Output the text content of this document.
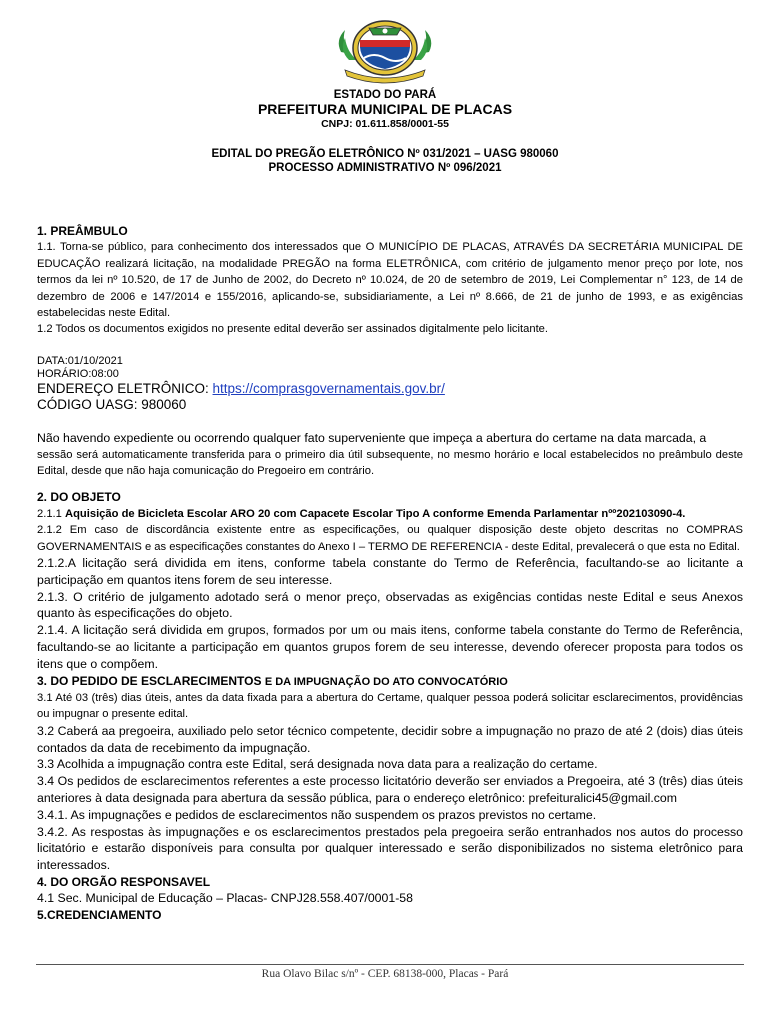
ESTADO DO PARÁ
PREFEITURA MUNICIPAL DE PLACAS
CNPJ: 01.611.858/0001-55
EDITAL DO PREGÃO ELETRÔNICO Nº 031/2021 – UASG 980060
PROCESSO ADMINISTRATIVO Nº 096/2021

1. PREÂMBULO

1.1. Torna-se público, para conhecimento dos interessados que O MUNICÍPIO DE PLACAS, ATRAVÉS DA SECRETÁRIA MUNICIPAL DE EDUCAÇÃO realizará licitação, na modalidade PREGÃO na forma ELETRÔNICA, com critério de julgamento menor preço por lote, nos termos da lei nº 10.520, de 17 de Junho de 2002, do Decreto nº 10.024, de 20 de setembro de 2019, Lei Complementar n° 123, de 14 de dezembro de 2006 e 147/2014 e 155/2016, aplicando-se, subsidiariamente, a Lei nº 8.666, de 21 de junho de 1993, e as exigências estabelecidas neste Edital.

1.2 Todos os documentos exigidos no presente edital deverão ser assinados digitalmente pelo licitante.

DATA:01/10/2021

HORÁRIO:08:00

ENDEREÇO ELETRÔNICO: https://comprasgovernamentais.gov.br/

CÓDIGO UASG: 980060

Não havendo expediente ou ocorrendo qualquer fato superveniente que impeça a abertura do certame na data marcada, a

sessão será automaticamente transferida para o primeiro dia útil subsequente, no mesmo horário e local estabelecidos no preâmbulo deste Edital, desde que não haja comunicação do Pregoeiro em contrário.

2. DO OBJETO

2.1.1 Aquisição de Bicicleta Escolar ARO 20 com Capacete Escolar Tipo A conforme Emenda Parlamentar nºº202103090-4.

2.1.2 Em caso de discordância existente entre as especificações, ou qualquer disposição deste objeto descritas no COMPRAS GOVERNAMENTAIS e as especificações constantes do Anexo I – TERMO DE REFERENCIA - deste Edital, prevalecerá o que esta no Edital.

2.1.2.A licitação será dividida em itens, conforme tabela constante do Termo de Referência, facultando-se ao licitante a participação em quantos itens forem de seu interesse.

2.1.3. O critério de julgamento adotado será o menor preço, observadas as exigências contidas neste Edital e seus Anexos quanto às especificações do objeto.

2.1.4. A licitação será dividida em grupos, formados por um ou mais itens, conforme tabela constante do Termo de Referência, facultando-se ao licitante a participação em quantos grupos forem de seu interesse, devendo oferecer proposta para todos os itens que o compõem.

3. DO PEDIDO DE ESCLARECIMENTOS E DA IMPUGNAÇÃO DO ATO CONVOCATÓRIO

3.1 Até 03 (três) dias úteis, antes da data fixada para a abertura do Certame, qualquer pessoa poderá solicitar esclarecimentos, providências ou impugnar o presente edital.

3.2 Caberá aa pregoeira, auxiliado pelo setor técnico competente, decidir sobre a impugnação no prazo de até 2 (dois) dias úteis contados da data de recebimento da impugnação.

3.3 Acolhida a impugnação contra este Edital, será designada nova data para a realização do certame.

3.4 Os pedidos de esclarecimentos referentes a este processo licitatório deverão ser enviados a Pregoeira, até 3 (três) dias úteis anteriores à data designada para abertura da sessão pública, para o endereço eletrônico: prefeituralici45@gmail.com

3.4.1. As impugnações e pedidos de esclarecimentos não suspendem os prazos previstos no certame.

3.4.2. As respostas às impugnações e os esclarecimentos prestados pela pregoeira serão entranhados nos autos do processo licitatório e estarão disponíveis para consulta por qualquer interessado e serão disponibilizados no sistema eletrônico para interessados.

4. DO ORGÃO RESPONSAVEL

4.1 Sec. Municipal de Educação – Placas- CNPJ28.558.407/0001-58

5.CREDENCIAMENTO

Rua Olavo Bilac s/nº - CEP. 68138-000, Placas - Pará
